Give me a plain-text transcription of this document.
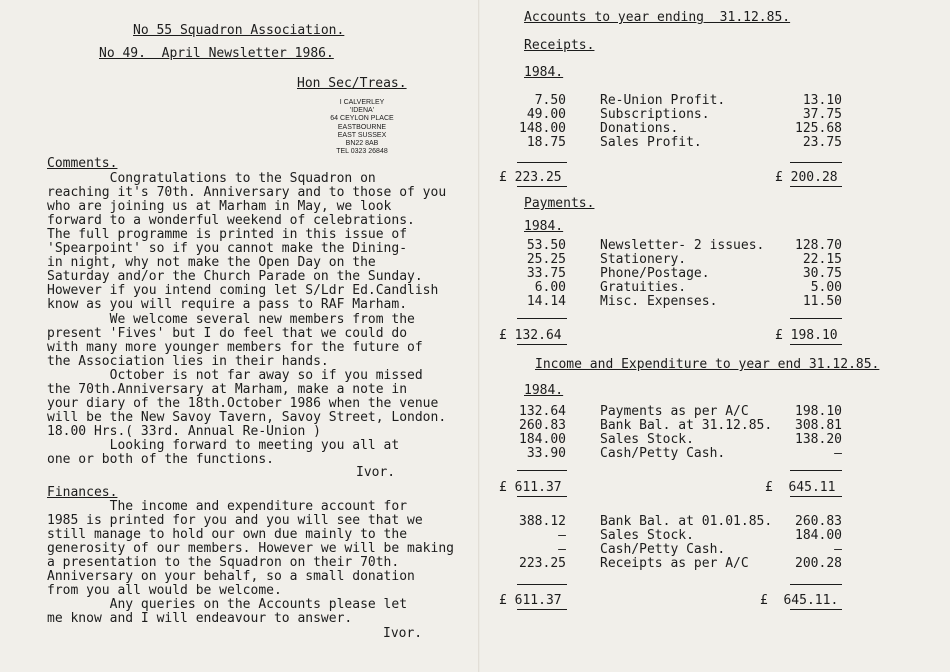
No 55 Squadron Association.
No 49.  April Newsletter 1986.
Hon Sec/Treas.
I CALVERLEY
'IDENA'
64 CEYLON PLACE
EASTBOURNE
EAST SUSSEX
BN22 8AB
TEL 0323 26848
Comments.
Congratulations to the Squadron on
reaching it's 70th. Anniversary and to those of you
who are joining us at Marham in May, we look
forward to a wonderful weekend of celebrations.
The full programme is printed in this issue of
'Spearpoint' so if you cannot make the Dining-
in night, why not make the Open Day on the
Saturday and/or the Church Parade on the Sunday.
However if you intend coming let S/Ldr Ed.Candlish
know as you will require a pass to RAF Marham.
We welcome several new members from the
present 'Fives' but I do feel that we could do
with many more younger members for the future of
the Association lies in their hands.
October is not far away so if you missed
the 70th.Anniversary at Marham, make a note in
your diary of the 18th.October 1986 when the venue
will be the New Savoy Tavern, Savoy Street, London.
18.00 Hrs.( 33rd. Annual Re-Union )
Looking forward to meeting you all at
one or both of the functions.
Ivor.
Finances.
The income and expenditure account for
1985 is printed for you and you will see that we
still manage to hold our own due mainly to the
generosity of our members. However we will be making
a presentation to the Squadron on their 70th.
Anniversary on your behalf, so a small donation
from you all would be welcome.
Any queries on the Accounts please let
me know and I will endeavour to answer.
Ivor.
Accounts to year ending  31.12.85.
Receipts.
1984.
7.50	Re-Union Profit.	13.10
49.00	Subscriptions.	37.75
148.00	Donations.	125.68
18.75	Sales Profit.	23.75
£ 223.25	£ 200.28
Payments.
1984.
53.50	Newsletter- 2 issues.	128.70
25.25	Stationery.	22.15
33.75	Phone/Postage.	30.75
6.00	Gratuities.	5.00
14.14	Misc. Expenses.	11.50
£ 132.64	£ 198.10
Income and Expenditure to year end 31.12.85.
1984.
132.64	Payments as per A/C	198.10
260.83	Bank Bal. at 31.12.85.	308.81
184.00	Sales Stock.	138.20
33.90	Cash/Petty Cash.	—
£ 611.37	£  645.11
388.12	Bank Bal. at 01.01.85.	260.83
—	Sales Stock.	184.00
—	Cash/Petty Cash.	—
223.25	Receipts as per A/C	200.28
£ 611.37	£  645.11.
